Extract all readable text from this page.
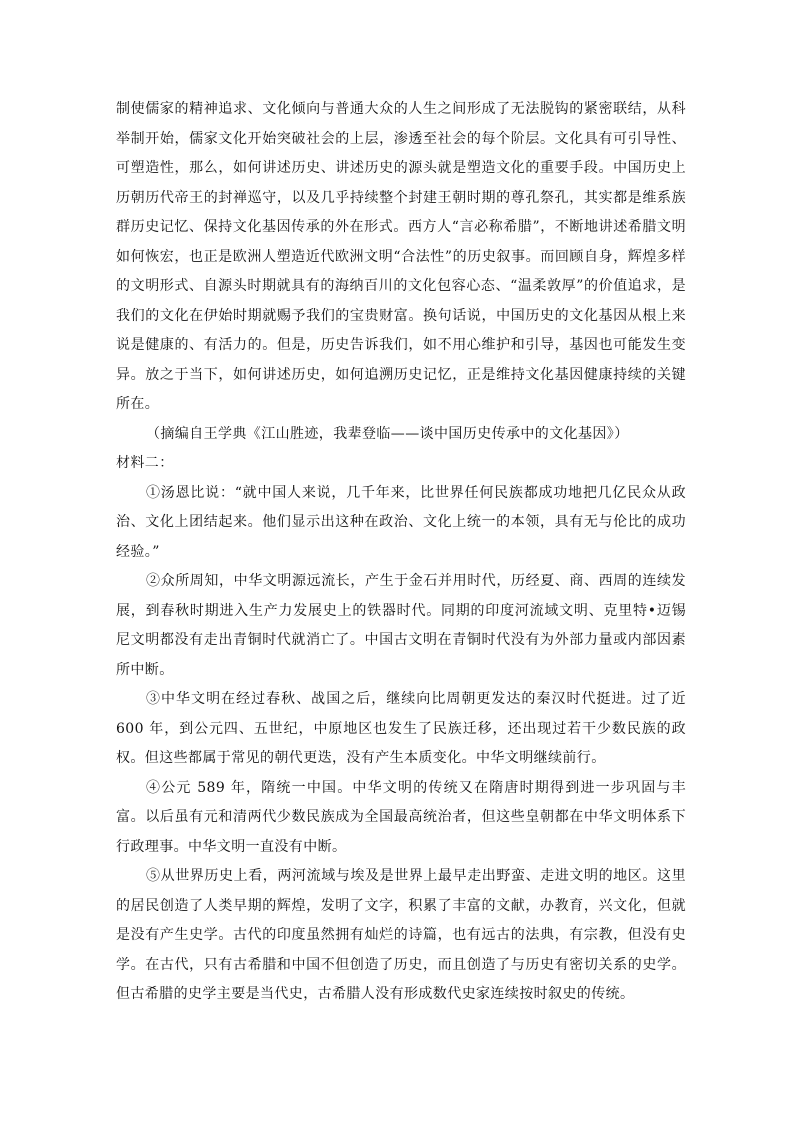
制使儒家的精神追求、文化倾向与普通大众的人生之间形成了无法脱钩的紧密联结，从科举制开始，儒家文化开始突破社会的上层，渗透至社会的每个阶层。文化具有可引导性、可塑造性，那么，如何讲述历史、讲述历史的源头就是塑造文化的重要手段。中国历史上历朝历代帝王的封禅巡守，以及几乎持续整个封建王朝时期的尊孔祭孔，其实都是维系族群历史记忆、保持文化基因传承的外在形式。西方人“言必称希腊”，不断地讲述希腊文明如何恢宏，也正是欧洲人塑造近代欧洲文明“合法性”的历史叙事。而回顾自身，辉煌多样的文明形式、自源头时期就具有的海纳百川的文化包容心态、“温柔敦厚”的价值追求，是我们的文化在伊始时期就赐予我们的宝贵财富。换句话说，中国历史的文化基因从根上来说是健康的、有活力的。但是，历史告诉我们，如不用心维护和引导，基因也可能发生变异。放之于当下，如何讲述历史，如何追溯历史记忆，正是维持文化基因健康持续的关键所在。

（摘编自王学典《江山胜迹，我辈登临——谈中国历史传承中的文化基因》）

材料二：

①汤恩比说：“就中国人来说，几千年来，比世界任何民族都成功地把几亿民众从政治、文化上团结起来。他们显示出这种在政治、文化上统一的本领，具有无与伦比的成功经验。”

②众所周知，中华文明源远流长，产生于金石并用时代，历经夏、商、西周的连续发展，到春秋时期进入生产力发展史上的铁器时代。同期的印度河流域文明、克里特•迈锡尼文明都没有走出青铜时代就消亡了。中国古文明在青铜时代没有为外部力量或内部因素所中断。

③中华文明在经过春秋、战国之后，继续向比周朝更发达的秦汉时代挺进。过了近 600 年，到公元四、五世纪，中原地区也发生了民族迁移，还出现过若干少数民族的政权。但这些都属于常见的朝代更迭，没有产生本质变化。中华文明继续前行。

④公元 589 年，隋统一中国。中华文明的传统又在隋唐时期得到进一步巩固与丰富。以后虽有元和清两代少数民族成为全国最高统治者，但这些皇朝都在中华文明体系下行政理事。中华文明一直没有中断。

⑤从世界历史上看，两河流域与埃及是世界上最早走出野蛮、走进文明的地区。这里的居民创造了人类早期的辉煌，发明了文字，积累了丰富的文献，办教育，兴文化，但就是没有产生史学。古代的印度虽然拥有灿烂的诗篇，也有远古的法典，有宗教，但没有史学。在古代，只有古希腊和中国不但创造了历史，而且创造了与历史有密切关系的史学。但古希腊的史学主要是当代史，古希腊人没有形成数代史家连续按时叙史的传统。
